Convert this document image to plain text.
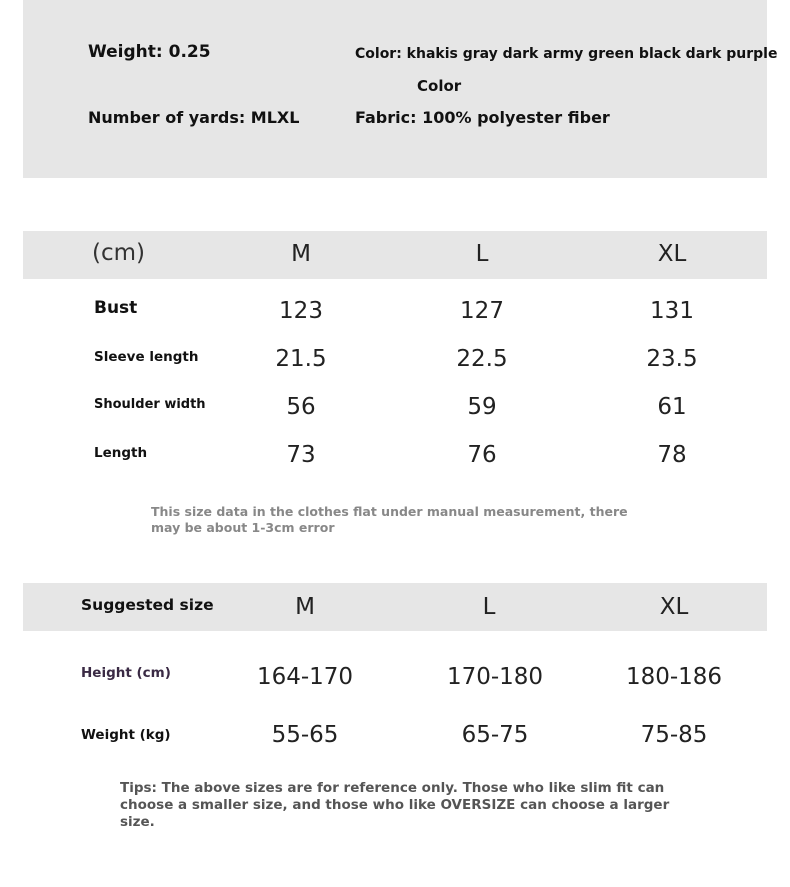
Weight: 0.25
Number of yards: MLXL
Color: khakis gray dark army green black dark purple
Color
Fabric: 100% polyester fiber
(cm)	M	L	XL
Bust	123	127	131
Sleeve length	21.5	22.5	23.5
Shoulder width	56	59	61
Length	73	76	78
This size data in the clothes flat under manual measurement, there may be about 1-3cm error
Suggested size	M	L	XL
Height (cm)	164-170	170-180	180-186
Weight (kg)	55-65	65-75	75-85
Tips: The above sizes are for reference only. Those who like slim fit can choose a smaller size, and those who like OVERSIZE can choose a larger size.
